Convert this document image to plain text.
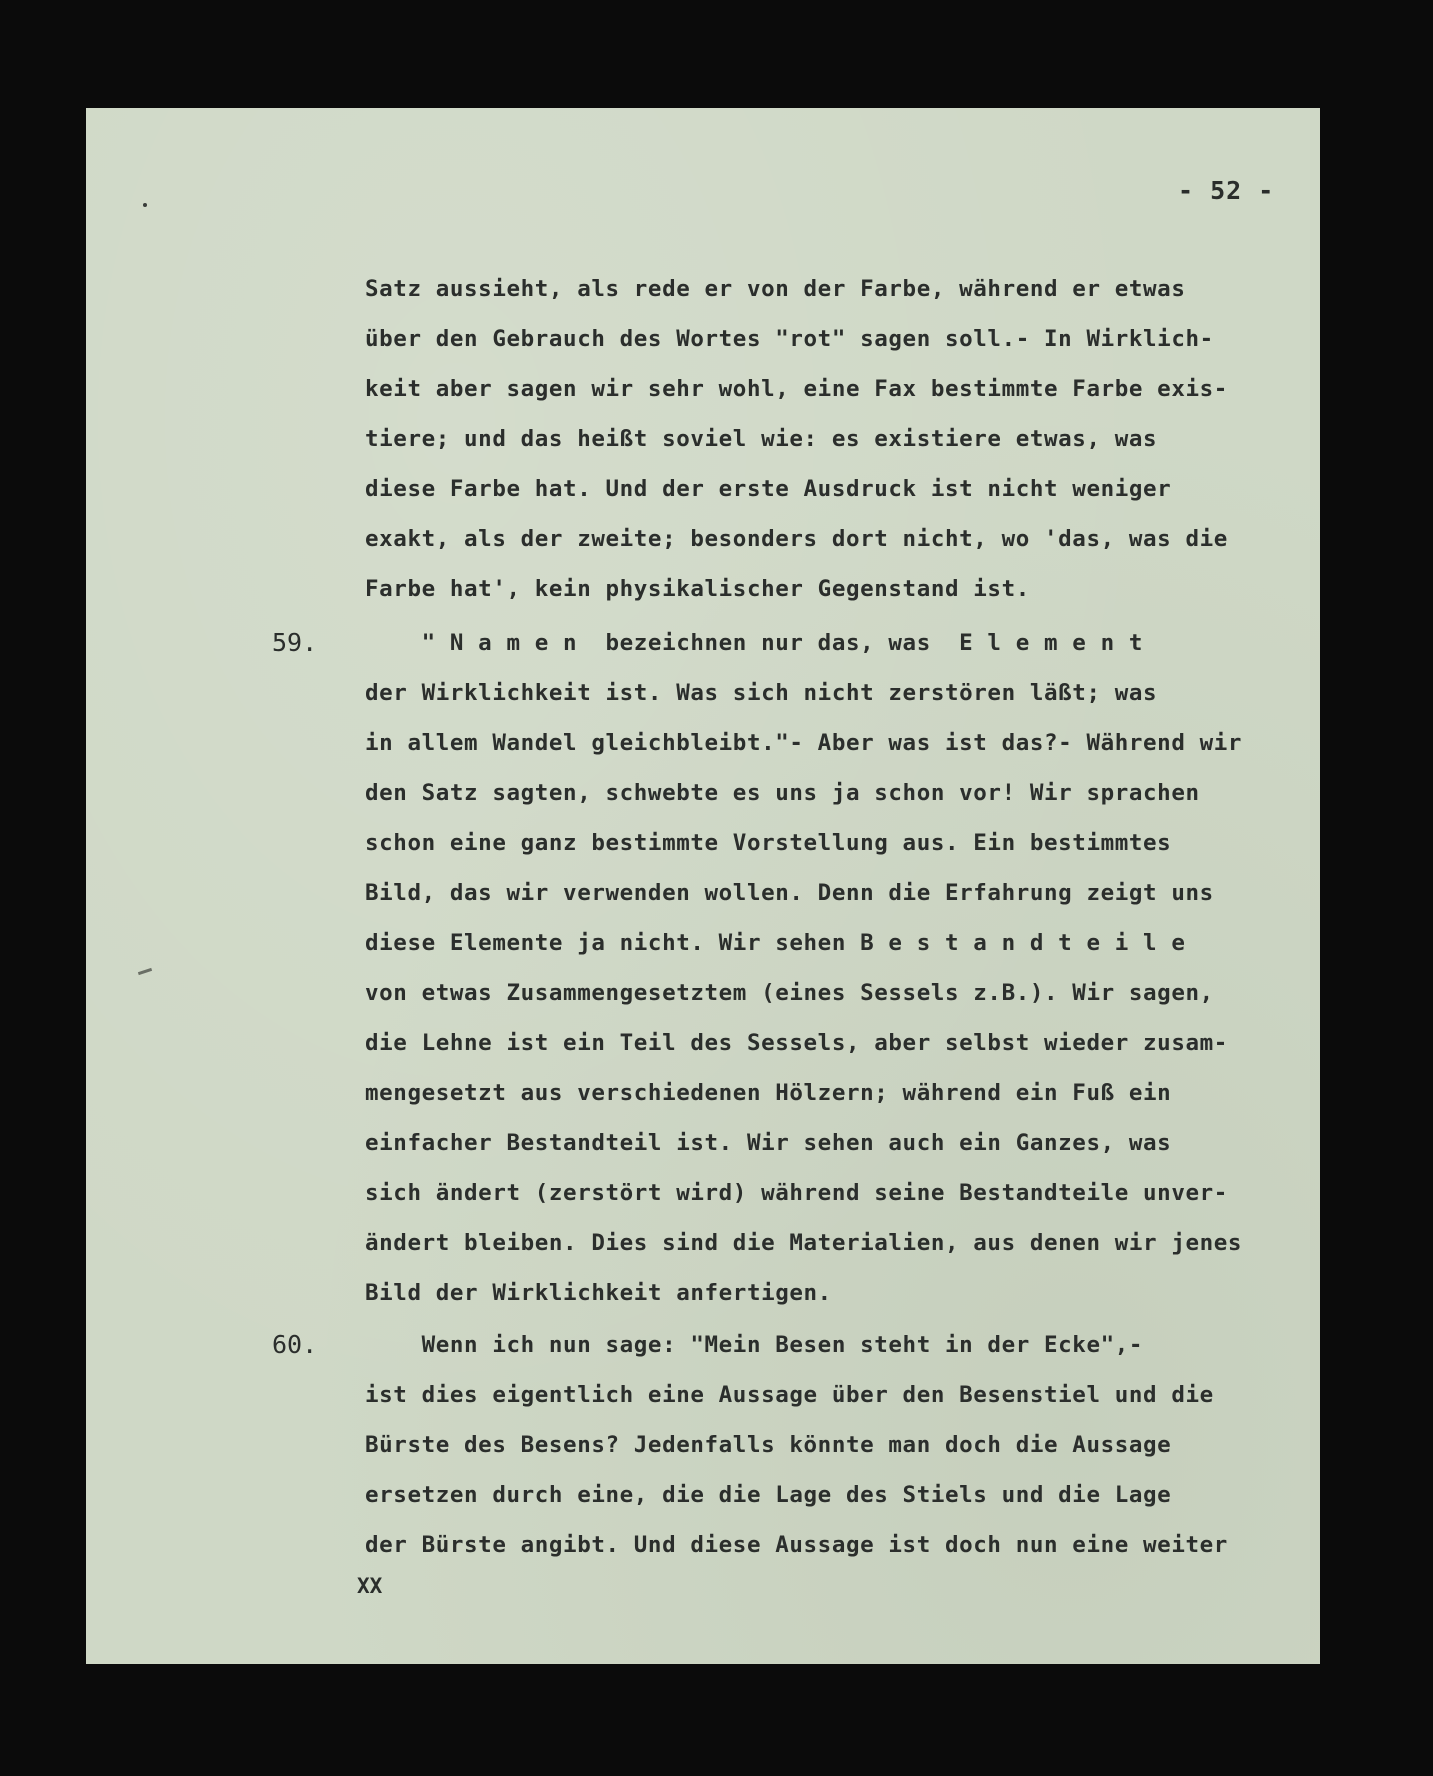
- 52 -
59.
60.
Satz aussieht, als rede er von der Farbe, während er etwas
über den Gebrauch des Wortes "rot" sagen soll.- In Wirklich-
keit aber sagen wir sehr wohl, eine Fax bestimmte Farbe exis-
tiere; und das heißt soviel wie: es existiere etwas, was
diese Farbe hat. Und der erste Ausdruck ist nicht weniger
exakt, als der zweite; besonders dort nicht, wo 'das, was die
Farbe hat', kein physikalischer Gegenstand ist.
" N a m e n  bezeichnen nur das, was  E l e m e n t
der Wirklichkeit ist. Was sich nicht zerstören läßt; was
in allem Wandel gleichbleibt."- Aber was ist das?- Während wir
den Satz sagten, schwebte es uns ja schon vor! Wir sprachen
schon eine ganz bestimmte Vorstellung aus. Ein bestimmtes
Bild, das wir verwenden wollen. Denn die Erfahrung zeigt uns
diese Elemente ja nicht. Wir sehen B e s t a n d t e i l e
von etwas Zusammengesetztem (eines Sessels z.B.). Wir sagen,
die Lehne ist ein Teil des Sessels, aber selbst wieder zusam-
mengesetzt aus verschiedenen Hölzern; während ein Fuß ein
einfacher Bestandteil ist. Wir sehen auch ein Ganzes, was
sich ändert (zerstört wird) während seine Bestandteile unver-
ändert bleiben. Dies sind die Materialien, aus denen wir jenes
Bild der Wirklichkeit anfertigen.
Wenn ich nun sage: "Mein Besen steht in der Ecke",-
ist dies eigentlich eine Aussage über den Besenstiel und die
Bürste des Besens? Jedenfalls könnte man doch die Aussage
ersetzen durch eine, die die Lage des Stiels und die Lage
der Bürste angibt. Und diese Aussage ist doch nun eine weiter
XX
